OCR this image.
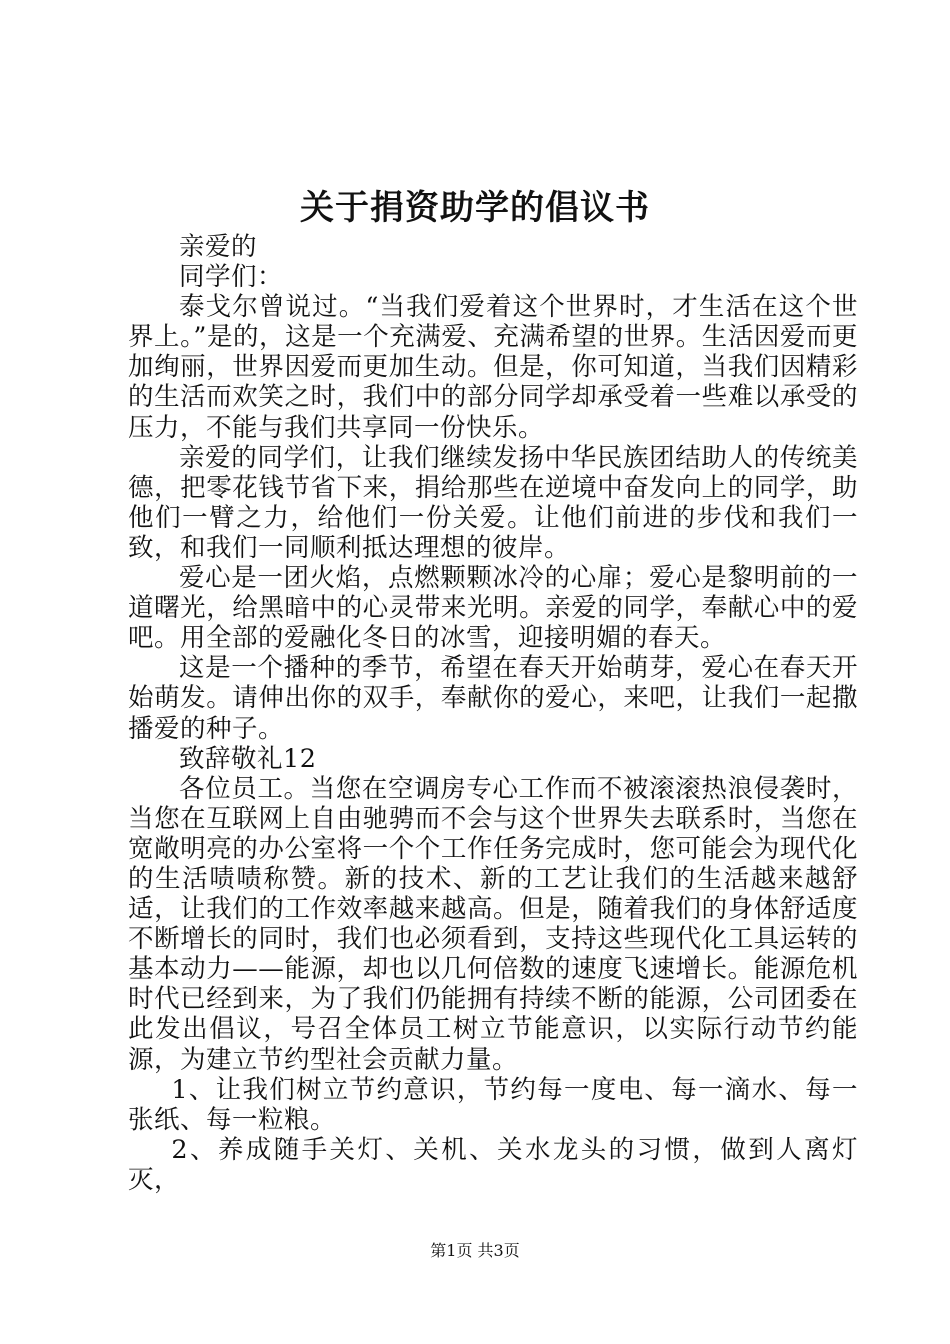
关于捐资助学的倡议书

亲爱的

同学们：

泰戈尔曾说过。“当我们爱着这个世界时，才生活在这个世界上。”是的，这是一个充满爱、充满希望的世界。生活因爱而更加绚丽，世界因爱而更加生动。但是，你可知道，当我们因精彩的生活而欢笑之时，我们中的部分同学却承受着一些难以承受的压力，不能与我们共享同一份快乐。

亲爱的同学们，让我们继续发扬中华民族团结助人的传统美德，把零花钱节省下来，捐给那些在逆境中奋发向上的同学，助他们一臂之力，给他们一份关爱。让他们前进的步伐和我们一致，和我们一同顺利抵达理想的彼岸。

爱心是一团火焰，点燃颗颗冰冷的心扉；爱心是黎明前的一道曙光，给黑暗中的心灵带来光明。亲爱的同学，奉献心中的爱吧。用全部的爱融化冬日的冰雪，迎接明媚的春天。

这是一个播种的季节，希望在春天开始萌芽，爱心在春天开始萌发。请伸出你的双手，奉献你的爱心，来吧，让我们一起撒播爱的种子。

致辞敬礼12

各位员工。当您在空调房专心工作而不被滚滚热浪侵袭时，当您在互联网上自由驰骋而不会与这个世界失去联系时，当您在宽敞明亮的办公室将一个个工作任务完成时，您可能会为现代化的生活啧啧称赞。新的技术、新的工艺让我们的生活越来越舒适，让我们的工作效率越来越高。但是，随着我们的身体舒适度不断增长的同时，我们也必须看到，支持这些现代化工具运转的基本动力——能源，却也以几何倍数的速度飞速增长。能源危机时代已经到来，为了我们仍能拥有持续不断的能源，公司团委在此发出倡议，号召全体员工树立节能意识，以实际行动节约能源，为建立节约型社会贡献力量。

1、让我们树立节约意识，节约每一度电、每一滴水、每一张纸、每一粒粮。

2、养成随手关灯、关机、关水龙头的习惯，做到人离灯灭，

第1页 共3页
